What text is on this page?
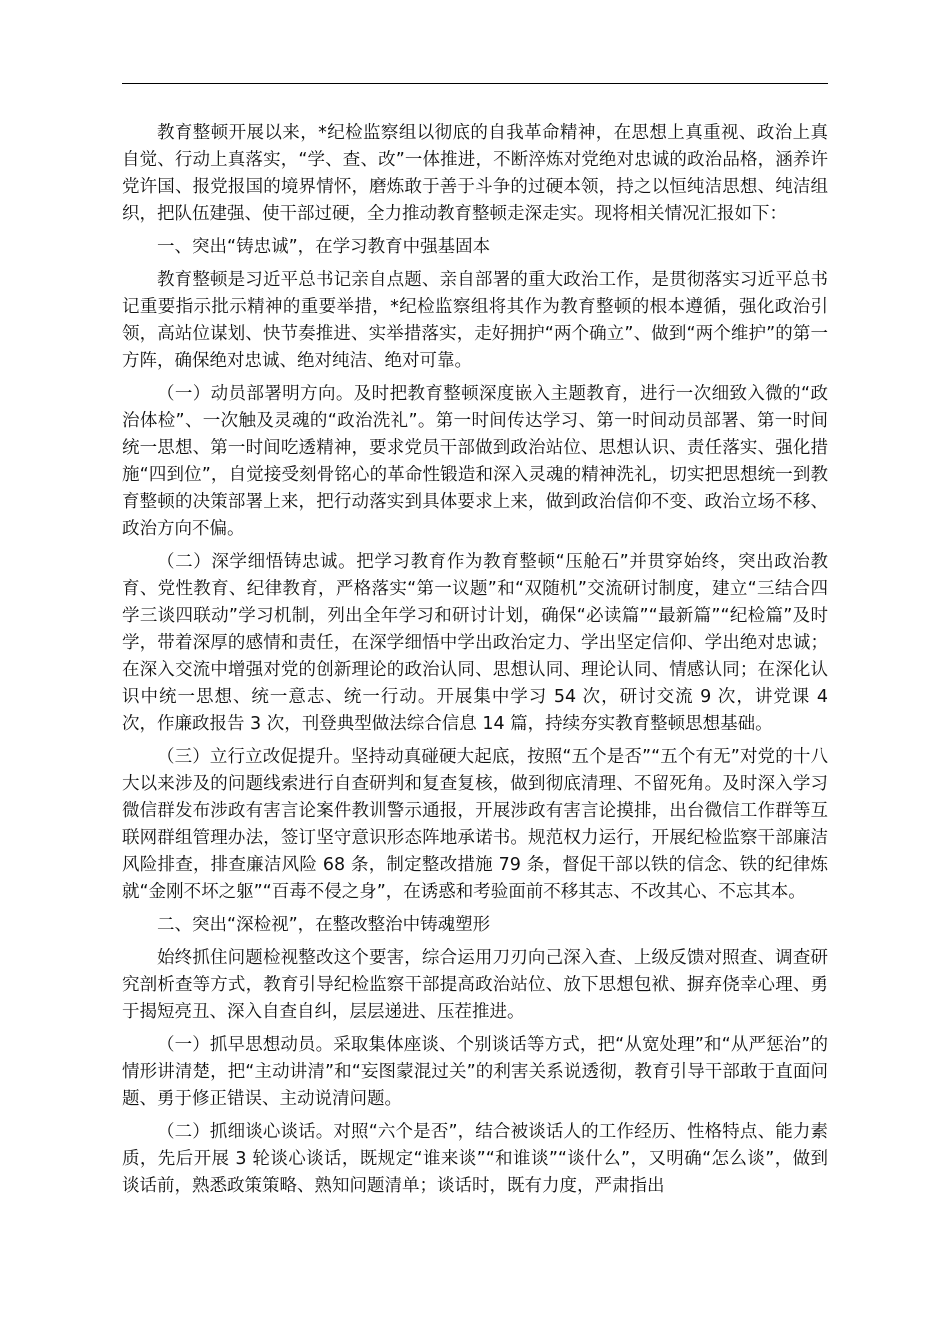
教育整顿开展以来，*纪检监察组以彻底的自我革命精神，在思想上真重视、政治上真自觉、行动上真落实，“学、查、改”一体推进，不断淬炼对党绝对忠诚的政治品格，涵养许党许国、报党报国的境界情怀，磨炼敢于善于斗争的过硬本领，持之以恒纯洁思想、纯洁组织，把队伍建强、使干部过硬，全力推动教育整顿走深走实。现将相关情况汇报如下：

一、突出“铸忠诚”，在学习教育中强基固本

教育整顿是习近平总书记亲自点题、亲自部署的重大政治工作，是贯彻落实习近平总书记重要指示批示精神的重要举措，*纪检监察组将其作为教育整顿的根本遵循，强化政治引领，高站位谋划、快节奏推进、实举措落实，走好拥护“两个确立”、做到“两个维护”的第一方阵，确保绝对忠诚、绝对纯洁、绝对可靠。

（一）动员部署明方向。及时把教育整顿深度嵌入主题教育，进行一次细致入微的“政治体检”、一次触及灵魂的“政治洗礼”。第一时间传达学习、第一时间动员部署、第一时间统一思想、第一时间吃透精神，要求党员干部做到政治站位、思想认识、责任落实、强化措施“四到位”，自觉接受刻骨铭心的革命性锻造和深入灵魂的精神洗礼，切实把思想统一到教育整顿的决策部署上来，把行动落实到具体要求上来，做到政治信仰不变、政治立场不移、政治方向不偏。

（二）深学细悟铸忠诚。把学习教育作为教育整顿“压舱石”并贯穿始终，突出政治教育、党性教育、纪律教育，严格落实“第一议题”和“双随机”交流研讨制度，建立“三结合四学三谈四联动”学习机制，列出全年学习和研讨计划，确保“必读篇”“最新篇”“纪检篇”及时学，带着深厚的感情和责任，在深学细悟中学出政治定力、学出坚定信仰、学出绝对忠诚；在深入交流中增强对党的创新理论的政治认同、思想认同、理论认同、情感认同；在深化认识中统一思想、统一意志、统一行动。开展集中学习 54 次，研讨交流 9 次，讲党课 4 次，作廉政报告 3 次，刊登典型做法综合信息 14 篇，持续夯实教育整顿思想基础。

（三）立行立改促提升。坚持动真碰硬大起底，按照“五个是否”“五个有无”对党的十八大以来涉及的问题线索进行自查研判和复查复核，做到彻底清理、不留死角。及时深入学习微信群发布涉政有害言论案件教训警示通报，开展涉政有害言论摸排，出台微信工作群等互联网群组管理办法，签订坚守意识形态阵地承诺书。规范权力运行，开展纪检监察干部廉洁风险排查，排查廉洁风险 68 条，制定整改措施 79 条，督促干部以铁的信念、铁的纪律炼就“金刚不坏之躯”“百毒不侵之身”，在诱惑和考验面前不移其志、不改其心、不忘其本。

二、突出“深检视”，在整改整治中铸魂塑形

始终抓住问题检视整改这个要害，综合运用刀刃向己深入查、上级反馈对照查、调查研究剖析查等方式，教育引导纪检监察干部提高政治站位、放下思想包袱、摒弃侥幸心理、勇于揭短亮丑、深入自查自纠，层层递进、压茬推进。

（一）抓早思想动员。采取集体座谈、个别谈话等方式，把“从宽处理”和“从严惩治”的情形讲清楚，把“主动讲清”和“妄图蒙混过关”的利害关系说透彻，教育引导干部敢于直面问题、勇于修正错误、主动说清问题。

（二）抓细谈心谈话。对照“六个是否”，结合被谈话人的工作经历、性格特点、能力素质，先后开展 3 轮谈心谈话，既规定“谁来谈”“和谁谈”“谈什么”，又明确“怎么谈”，做到谈话前，熟悉政策策略、熟知问题清单；谈话时，既有力度，严肃指出
